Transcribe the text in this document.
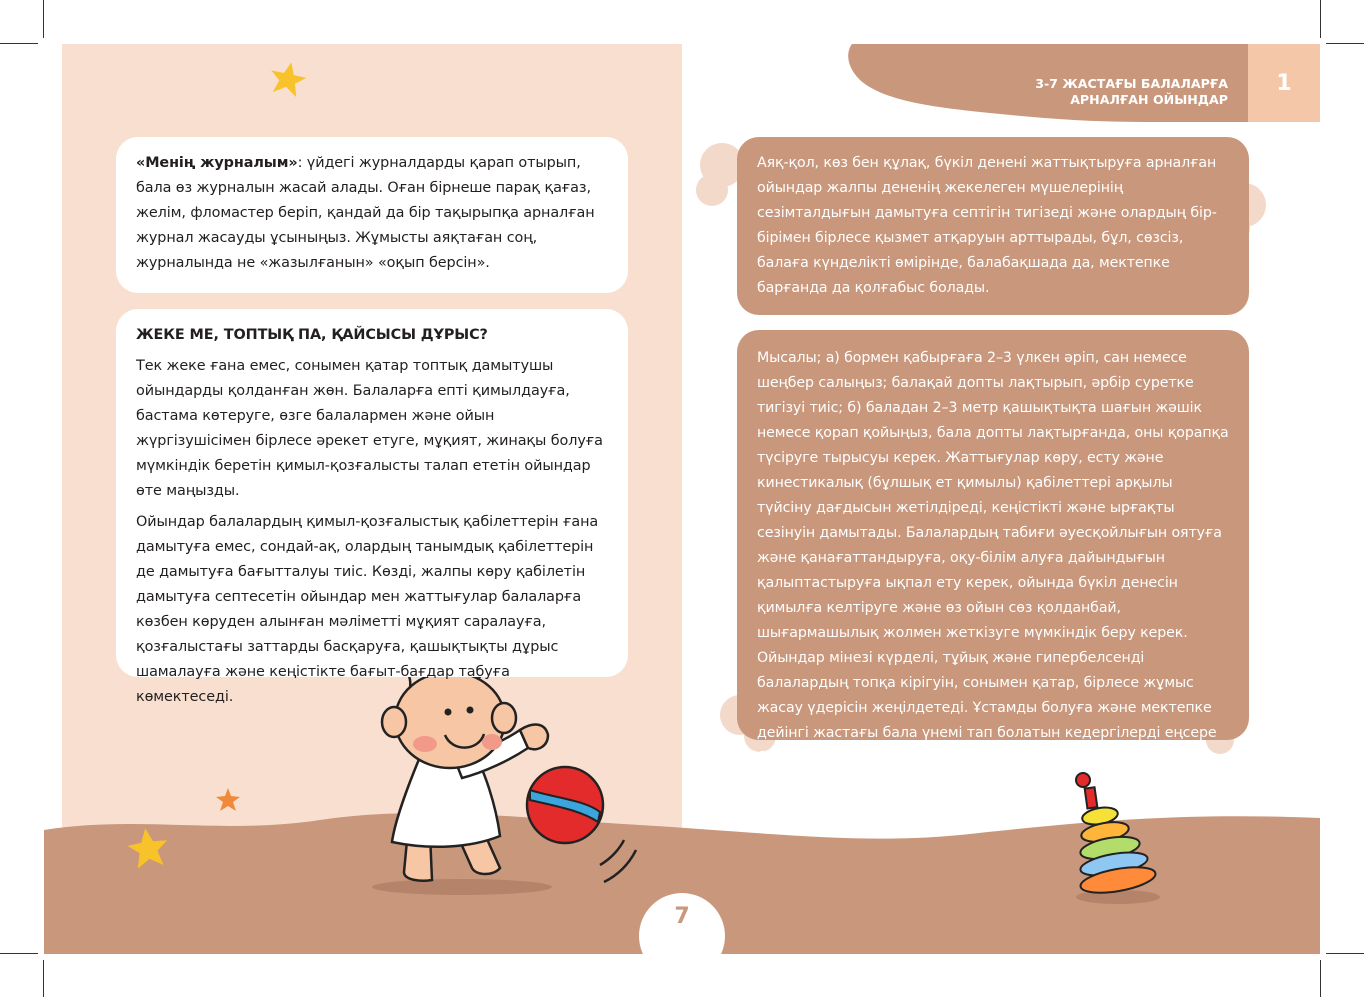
3-7 ЖАСТАҒЫ БАЛАЛАРҒА
АРНАЛҒАН ОЙЫНДАР
1

«Менің журналым»: үйдегі журналдарды қарап отырып, бала өз журналын жасай алады. Оған бірнеше парақ қағаз, желім, фломастер беріп, қандай да бір тақырыпқа арналған журнал жасауды ұсыныңыз. Жұмысты аяқтаған соң, журналында не «жазылғанын» «оқып берсін».

ЖЕКЕ МЕ, ТОПТЫҚ ПА, ҚАЙСЫСЫ ДҰРЫС?

Тек жеке ғана емес, сонымен қатар топтық дамытушы ойындарды қолданған жөн. Балаларға епті қимылдауға, бастама көтеруге, өзге балалармен және ойын жүргізушісімен бірлесе әрекет етуге, мұқият, жинақы болуға мүмкіндік беретін қимыл-қозғалысты талап ететін ойындар өте маңызды.

Ойындар балалардың қимыл-қозғалыстық қабілеттерін ғана дамытуға емес, сондай-ақ, олардың танымдық қабілеттерін де дамытуға бағытталуы тиіс. Көзді, жалпы көру қабілетін дамытуға септесетін ойындар мен жаттығулар балаларға көзбен көруден алынған мәліметті мұқият саралауға, қозғалыстағы заттарды басқаруға, қашықтықты дұрыс шамалауға және кеңістікте бағыт-бағдар табуға көмектеседі.

Аяқ-қол, көз бен құлақ, бүкіл денені жаттықтыруға арналған ойындар жалпы дененің жекелеген мүшелерінің сезімталдығын дамытуға септігін тигізеді және олардың бір-бірімен бірлесе қызмет атқаруын арттырады, бұл, сөзсіз, балаға күнделікті өмірінде, балабақшада да, мектепке барғанда да қолғабыс болады.

Мысалы; а) бормен қабырғаға 2–3 үлкен әріп, сан немесе шеңбер салыңыз; балақай допты лақтырып, әрбір суретке тигізуі тиіс; б) баладан 2–3 метр қашықтықта шағын жәшік немесе қорап қойыңыз, бала допты лақтырғанда, оны қорапқа түсіруге тырысуы керек. Жаттығулар көру, есту және кинестикалық (бұлшық ет қимылы) қабілеттері арқылы түйсіну дағдысын жетілдіреді, кеңістікті және ырғақты сезінуін дамытады. Балалардың табиғи әуесқойлығын оятуға және қанағаттандыруға, оқу-білім алуға дайындығын қалыптастыруға ықпал ету керек, ойында бүкіл денесін қимылға келтіруге және өз ойын сөз қолданбай, шығармашылық жолмен жеткізуге мүмкіндік беру керек. Ойындар мінезі күрделі, тұйық және гипербелсенді балалардың топқа кірігуін, сонымен қатар, бірлесе жұмыс жасау үдерісін жеңілдетеді. Ұстамды болуға және мектепке дейінгі жастағы бала үнемі тап болатын кедергілерді еңсере білуге баулиды.

7
